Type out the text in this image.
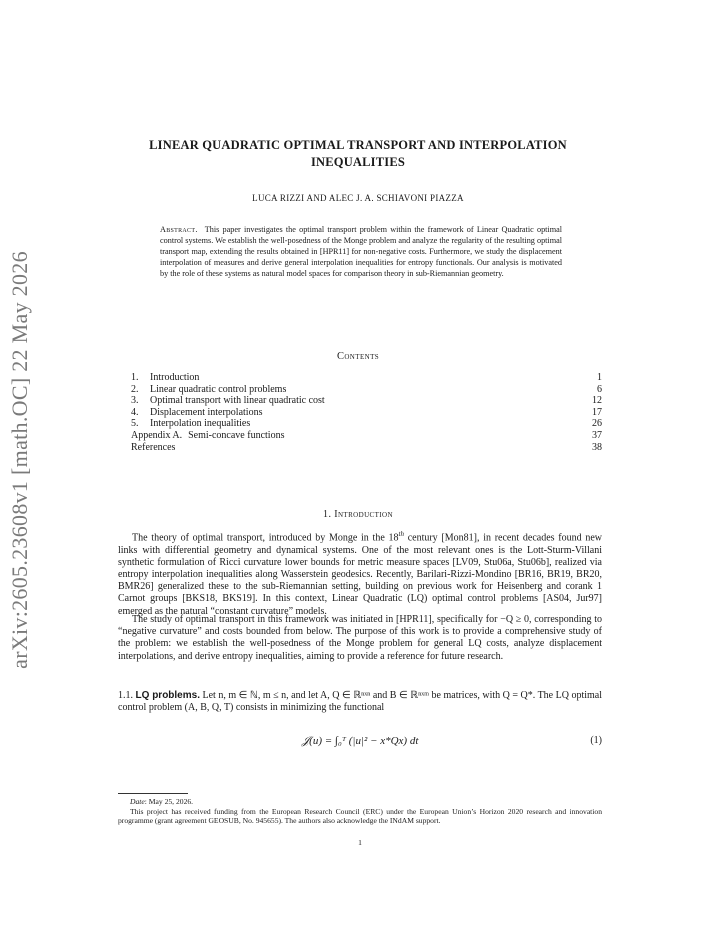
arXiv:2605.23608v1 [math.OC] 22 May 2026
LINEAR QUADRATIC OPTIMAL TRANSPORT AND INTERPOLATION
INEQUALITIES
LUCA RIZZI AND ALEC J. A. SCHIAVONI PIAZZA
Abstract. This paper investigates the optimal transport problem within the framework of Linear Quadratic optimal control systems. We establish the well-posedness of the Monge problem and analyze the regularity of the resulting optimal transport map, extending the results obtained in [HPR11] for non-negative costs. Furthermore, we study the displacement interpolation of measures and derive general interpolation inequalities for entropy functionals. Our analysis is motivated by the role of these systems as natural model spaces for comparison theory in sub-Riemannian geometry.
Contents
1. Introduction	1
2. Linear quadratic control problems	6
3. Optimal transport with linear quadratic cost	12
4. Displacement interpolations	17
5. Interpolation inequalities	26
Appendix A. Semi-concave functions	37
References	38
1. Introduction

The theory of optimal transport, introduced by Monge in the 18th century [Mon81], in recent decades found new links with differential geometry and dynamical systems. One of the most relevant ones is the Lott-Sturm-Villani synthetic formulation of Ricci curvature lower bounds for metric measure spaces [LV09, Stu06a, Stu06b], realized via entropy interpolation inequalities along Wasserstein geodesics. Recently, Barilari-Rizzi-Mondino [BR16, BR19, BR20, BMR26] generalized these to the sub-Riemannian setting, building on previous work for Heisenberg and corank 1 Carnot groups [BKS18, BKS19]. In this context, Linear Quadratic (LQ) optimal control problems [AS04, Jur97] emerged as the natural “constant curvature” models.

The study of optimal transport in this framework was initiated in [HPR11], specifically for −Q ≥ 0, corresponding to “negative curvature” and costs bounded from below. The purpose of this work is to provide a comprehensive study of the problem: we establish the well-posedness of the Monge problem for general LQ costs, analyze displacement interpolations, and derive entropy inequalities, aiming to provide a reference for future research.

1.1. LQ problems. Let n, m ∈ ℕ, m ≤ n, and let A, Q ∈ ℝⁿˣⁿ and B ∈ ℝⁿˣᵐ be matrices, with Q = Q*. The LQ optimal control problem (A, B, Q, T) consists in minimizing the functional

𝒥(u) = ∫₀ᵀ (|u|² − x*Qx) dt	(1)

Date: May 25, 2026.

This project has received funding from the European Research Council (ERC) under the European Union’s Horizon 2020 research and innovation programme (grant agreement GEOSUB, No. 945655). The authors also acknowledge the INdAM support.

1
